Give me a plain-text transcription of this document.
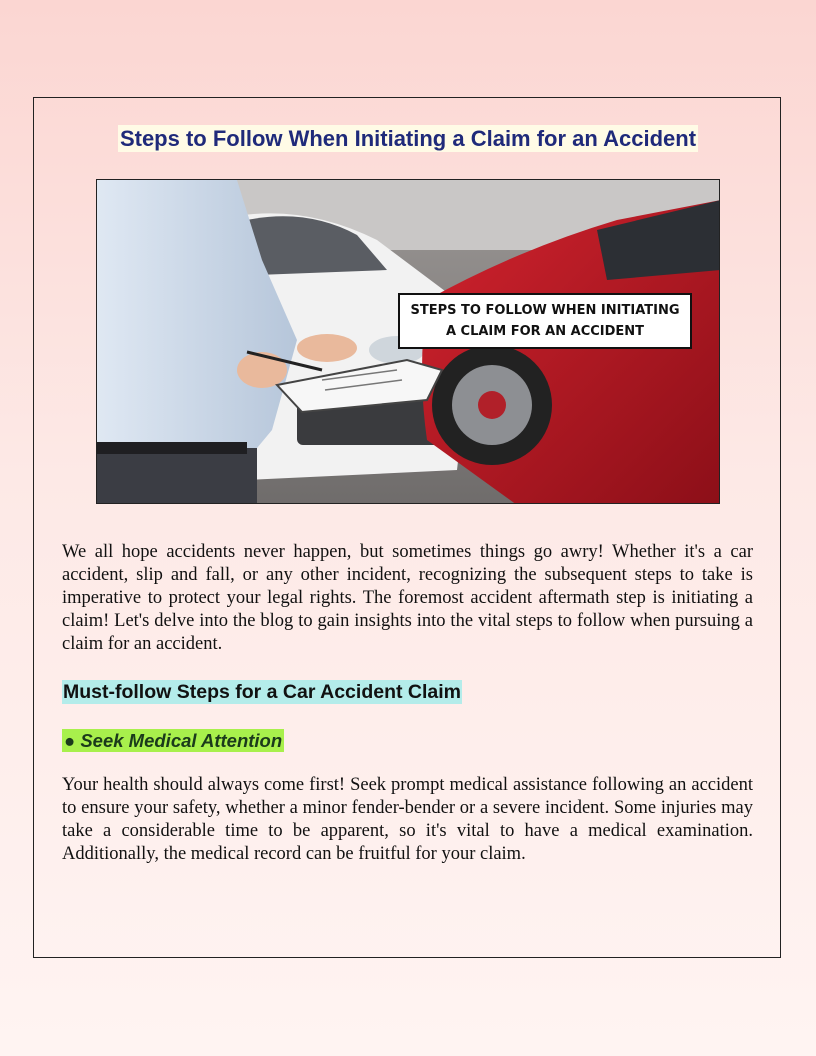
Steps to Follow When Initiating a Claim for an Accident
STEPS TO FOLLOW WHEN INITIATING A CLAIM FOR AN ACCIDENT

We all hope accidents never happen, but sometimes things go awry! Whether it's a car accident, slip and fall, or any other incident, recognizing the subsequent steps to take is imperative to protect your legal rights. The foremost accident aftermath step is initiating a claim! Let's delve into the blog to gain insights into the vital steps to follow when pursuing a claim for an accident.

Must-follow Steps for a Car Accident Claim
● Seek Medical Attention

Your health should always come first! Seek prompt medical assistance following an accident to ensure your safety, whether a minor fender-bender or a severe incident. Some injuries may take a considerable time to be apparent, so it's vital to have a medical examination. Additionally, the medical record can be fruitful for your claim.
